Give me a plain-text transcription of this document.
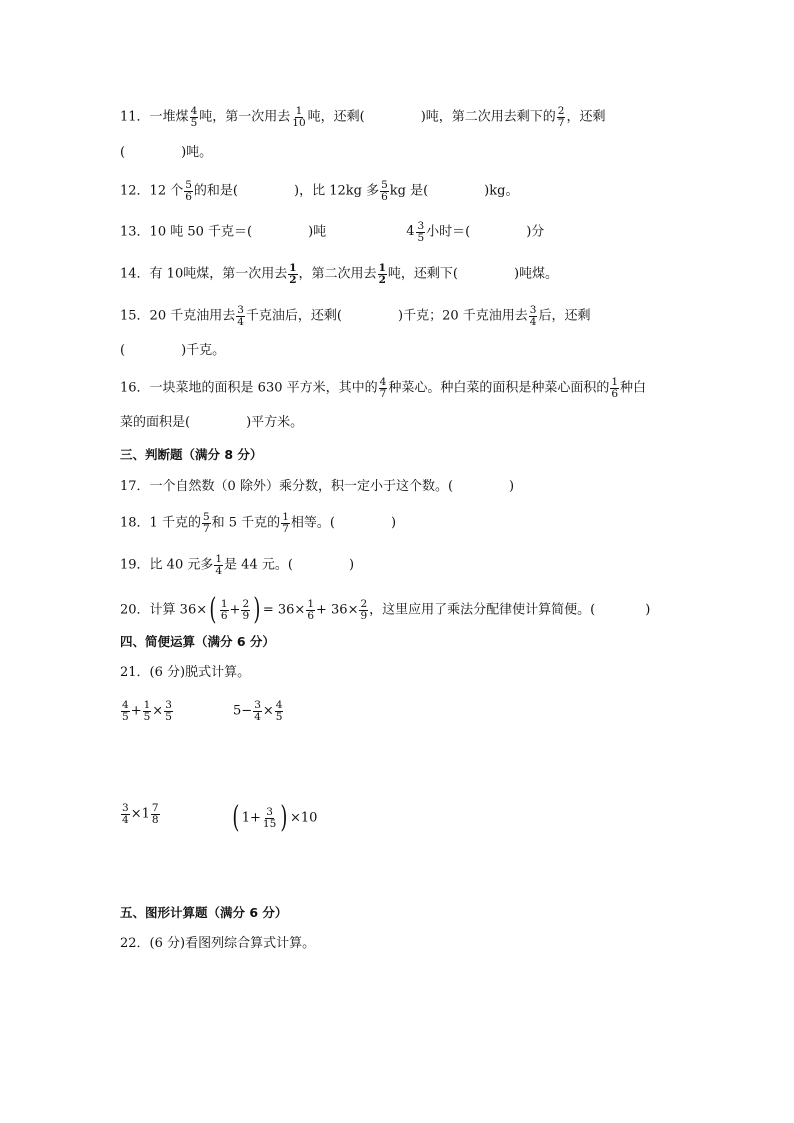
11．一堆煤 $\frac{4}{5}$ 吨，第一次用去 $\frac{1}{10}$ 吨，还剩(	)吨，第二次用去剩下的 $\frac{2}{7}$ ，还剩
(	)吨。
12．12 个 $\frac{5}{6}$ 的和是(	)，比 12kg 多 $\frac{5}{6}$ kg 是(	)kg。
13．10 吨 50 千克＝(	)吨	$4 \frac{3}{5}$ 小时＝(	)分
14．有 10吨煤，第一次用去 $\frac{1}{2}$ ，第二次用去 $\frac{1}{2}$ 吨，还剩下(	)吨煤。
15．20 千克油用去 $\frac{3}{4}$ 千克油后，还剩(	)千克；20 千克油用去 $\frac{3}{4}$ 后，还剩
(	)千克。
16．一块菜地的面积是 630 平方米，其中的 $\frac{4}{7}$ 种菜心。种白菜的面积是种菜心面积的 $\frac{1}{6}$ 种白
菜的面积是(	)平方米。
三、判断题（满分 8 分）
17．一个自然数（0 除外）乘分数，积一定小于这个数。(	)
18．1 千克的 $\frac{5}{7}$ 和 5 千克的 $\frac{1}{7}$ 相等。(	)
19．比 40 元多 $\frac{1}{4}$ 是 44 元。(	)
20．计算 $36\times( \frac{1}{6} + \frac{2}{9}$ ) = $36\times \frac{1}{6} + 36\times \frac{2}{9}$ ，这里应用了乘法分配律使计算简便。(	)
四、简便运算（满分 6 分）
21．(6 分)脱式计算。
$\frac{4}{5} + \frac{1}{5} \times \frac{3}{5}$	$5- \frac{3}{4} \times \frac{4}{5}$
$\frac{3}{4} \times 1 \frac{7}{8}$ ( $1+ \frac{3}{15}$ ) ×10
五、图形计算题（满分 6 分）
22．(6 分)看图列综合算式计算。
